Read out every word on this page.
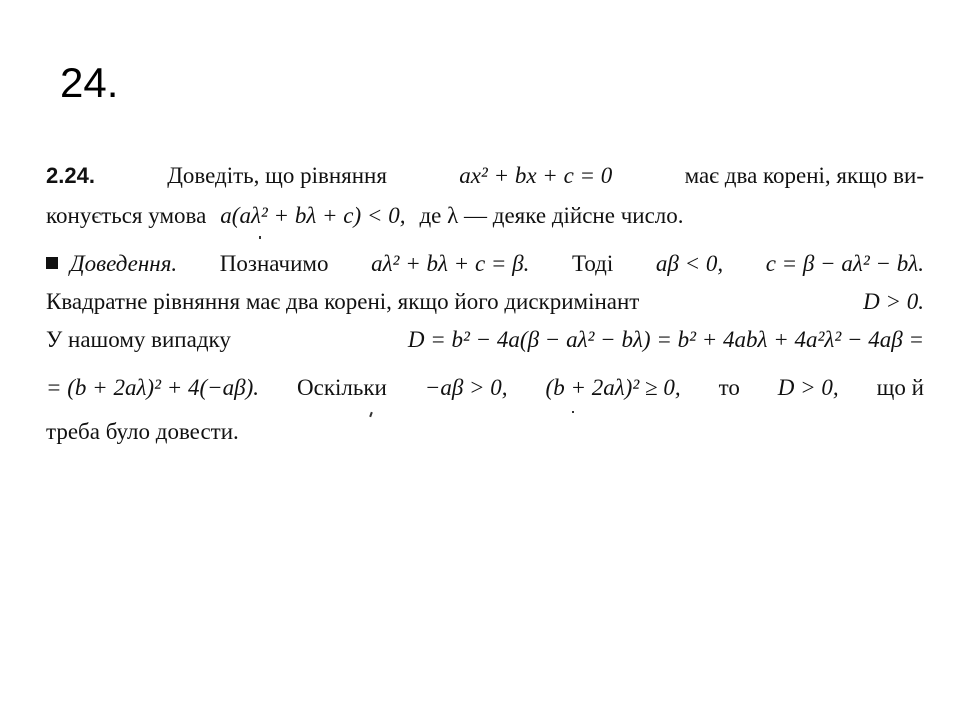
24.
2.24.	Доведіть, що рівняння	ax² + bx + c = 0	має два корені, якщо ви-
конується умова a(aλ² + bλ + c) < 0, де λ — деяке дійсне число.
Доведення. Позначимо aλ² + bλ + c = β. Тоді aβ < 0, c = β − aλ² − bλ.
Квадратне рівняння має два корені, якщо його дискримінант	D > 0.
У нашому випадку	D = b² − 4a(β − aλ² − bλ) = b² + 4abλ + 4a²λ² − 4aβ =
= (b + 2aλ)² + 4(−aβ). Оскільки −aβ > 0, (b + 2aλ)² ≥ 0, то D > 0, що й
треба було довести.
